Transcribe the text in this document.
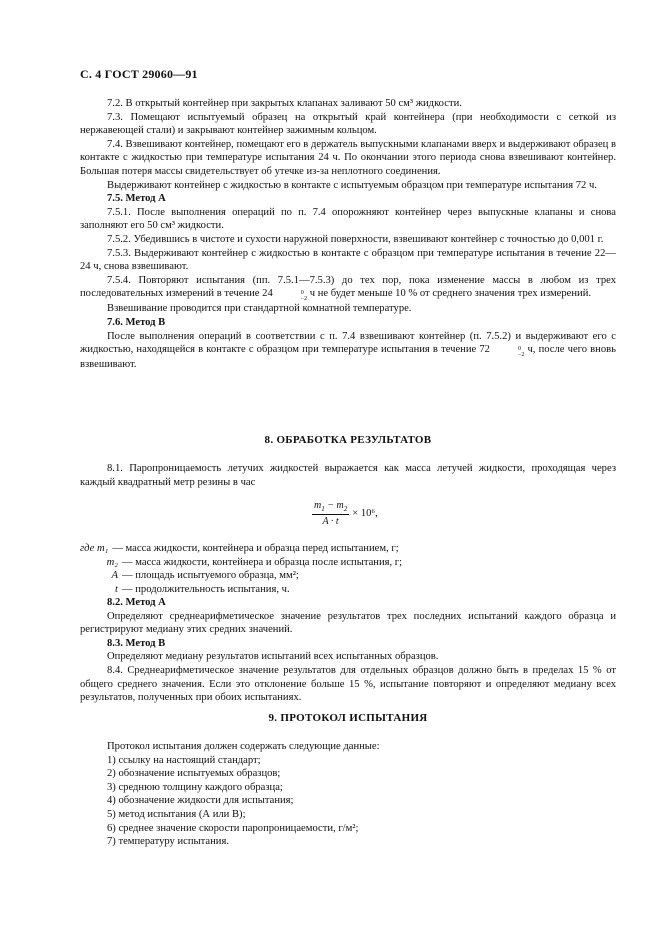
С. 4 ГОСТ 29060—91

7.2. В открытый контейнер при закрытых клапанах заливают 50 см³ жидкости.

7.3. Помещают испытуемый образец на открытый край контейнера (при необходимости с сеткой из нержавеющей стали) и закрывают контейнер зажимным кольцом.

7.4. Взвешивают контейнер, помещают его в держатель выпускными клапанами вверх и выдерживают образец в контакте с жидкостью при температуре испытания 24 ч. По окончании этого периода снова взвешивают контейнер. Большая потеря массы свидетельствует об утечке из-за неплотного соединения.

Выдерживают контейнер с жидкостью в контакте с испытуемым образцом при температуре испытания 72 ч.

7.5. Метод А

7.5.1. После выполнения операций по п. 7.4 опорожняют контейнер через выпускные клапаны и снова заполняют его 50 см³ жидкости.

7.5.2. Убедившись в чистоте и сухости наружной поверхности, взвешивают контейнер с точностью до 0,001 г.

7.5.3. Выдерживают контейнер с жидкостью в контакте с образцом при температуре испытания в течение 22—24 ч, снова взвешивают.

7.5.4. Повторяют испытания (пп. 7.5.1—7.5.3) до тех пор, пока изменение массы в любом из трех последовательных измерений в течение 24	0
−2 ч не будет меньше 10 % от среднего значения трех измерений.

Взвешивание проводится при стандартной комнатной температуре.

7.6. Метод В

После выполнения операций в соответствии с п. 7.4 взвешивают контейнер (п. 7.5.2) и выдерживают его с жидкостью, находящейся в контакте с образцом при температуре испытания в течение 72	0
−2 ч, после чего вновь взвешивают.

8. ОБРАБОТКА РЕЗУЛЬТАТОВ

8.1. Паропроницаемость летучих жидкостей выражается как масса летучей жидкости, проходящая через каждый квадратный метр резины в час

$\frac{m_1 - m_2}{A \cdot t} \times 10^6$,
где m₁ — масса жидкости, контейнера и образца перед испытанием, г;
m₂ — масса жидкости, контейнера и образца после испытания, г;
A — площадь испытуемого образца, мм²;
t — продолжительность испытания, ч.

8.2. Метод А

Определяют среднеарифметическое значение результатов трех последних испытаний каждого образца и регистрируют медиану этих средних значений.

8.3. Метод В

Определяют медиану результатов испытаний всех испытанных образцов.

8.4. Среднеарифметическое значение результатов для отдельных образцов должно быть в пределах 15 % от общего среднего значения. Если это отклонение больше 15 %, испытание повторяют и определяют медиану всех результатов, полученных при обоих испытаниях.

9. ПРОТОКОЛ ИСПЫТАНИЯ
Протокол испытания должен содержать следующие данные:
1) ссылку на настоящий стандарт;
2) обозначение испытуемых образцов;
3) среднюю толщину каждого образца;
4) обозначение жидкости для испытания;
5) метод испытания (А или В);
6) среднее значение скорости паропроницаемости, г/м²;
7) температуру испытания.
